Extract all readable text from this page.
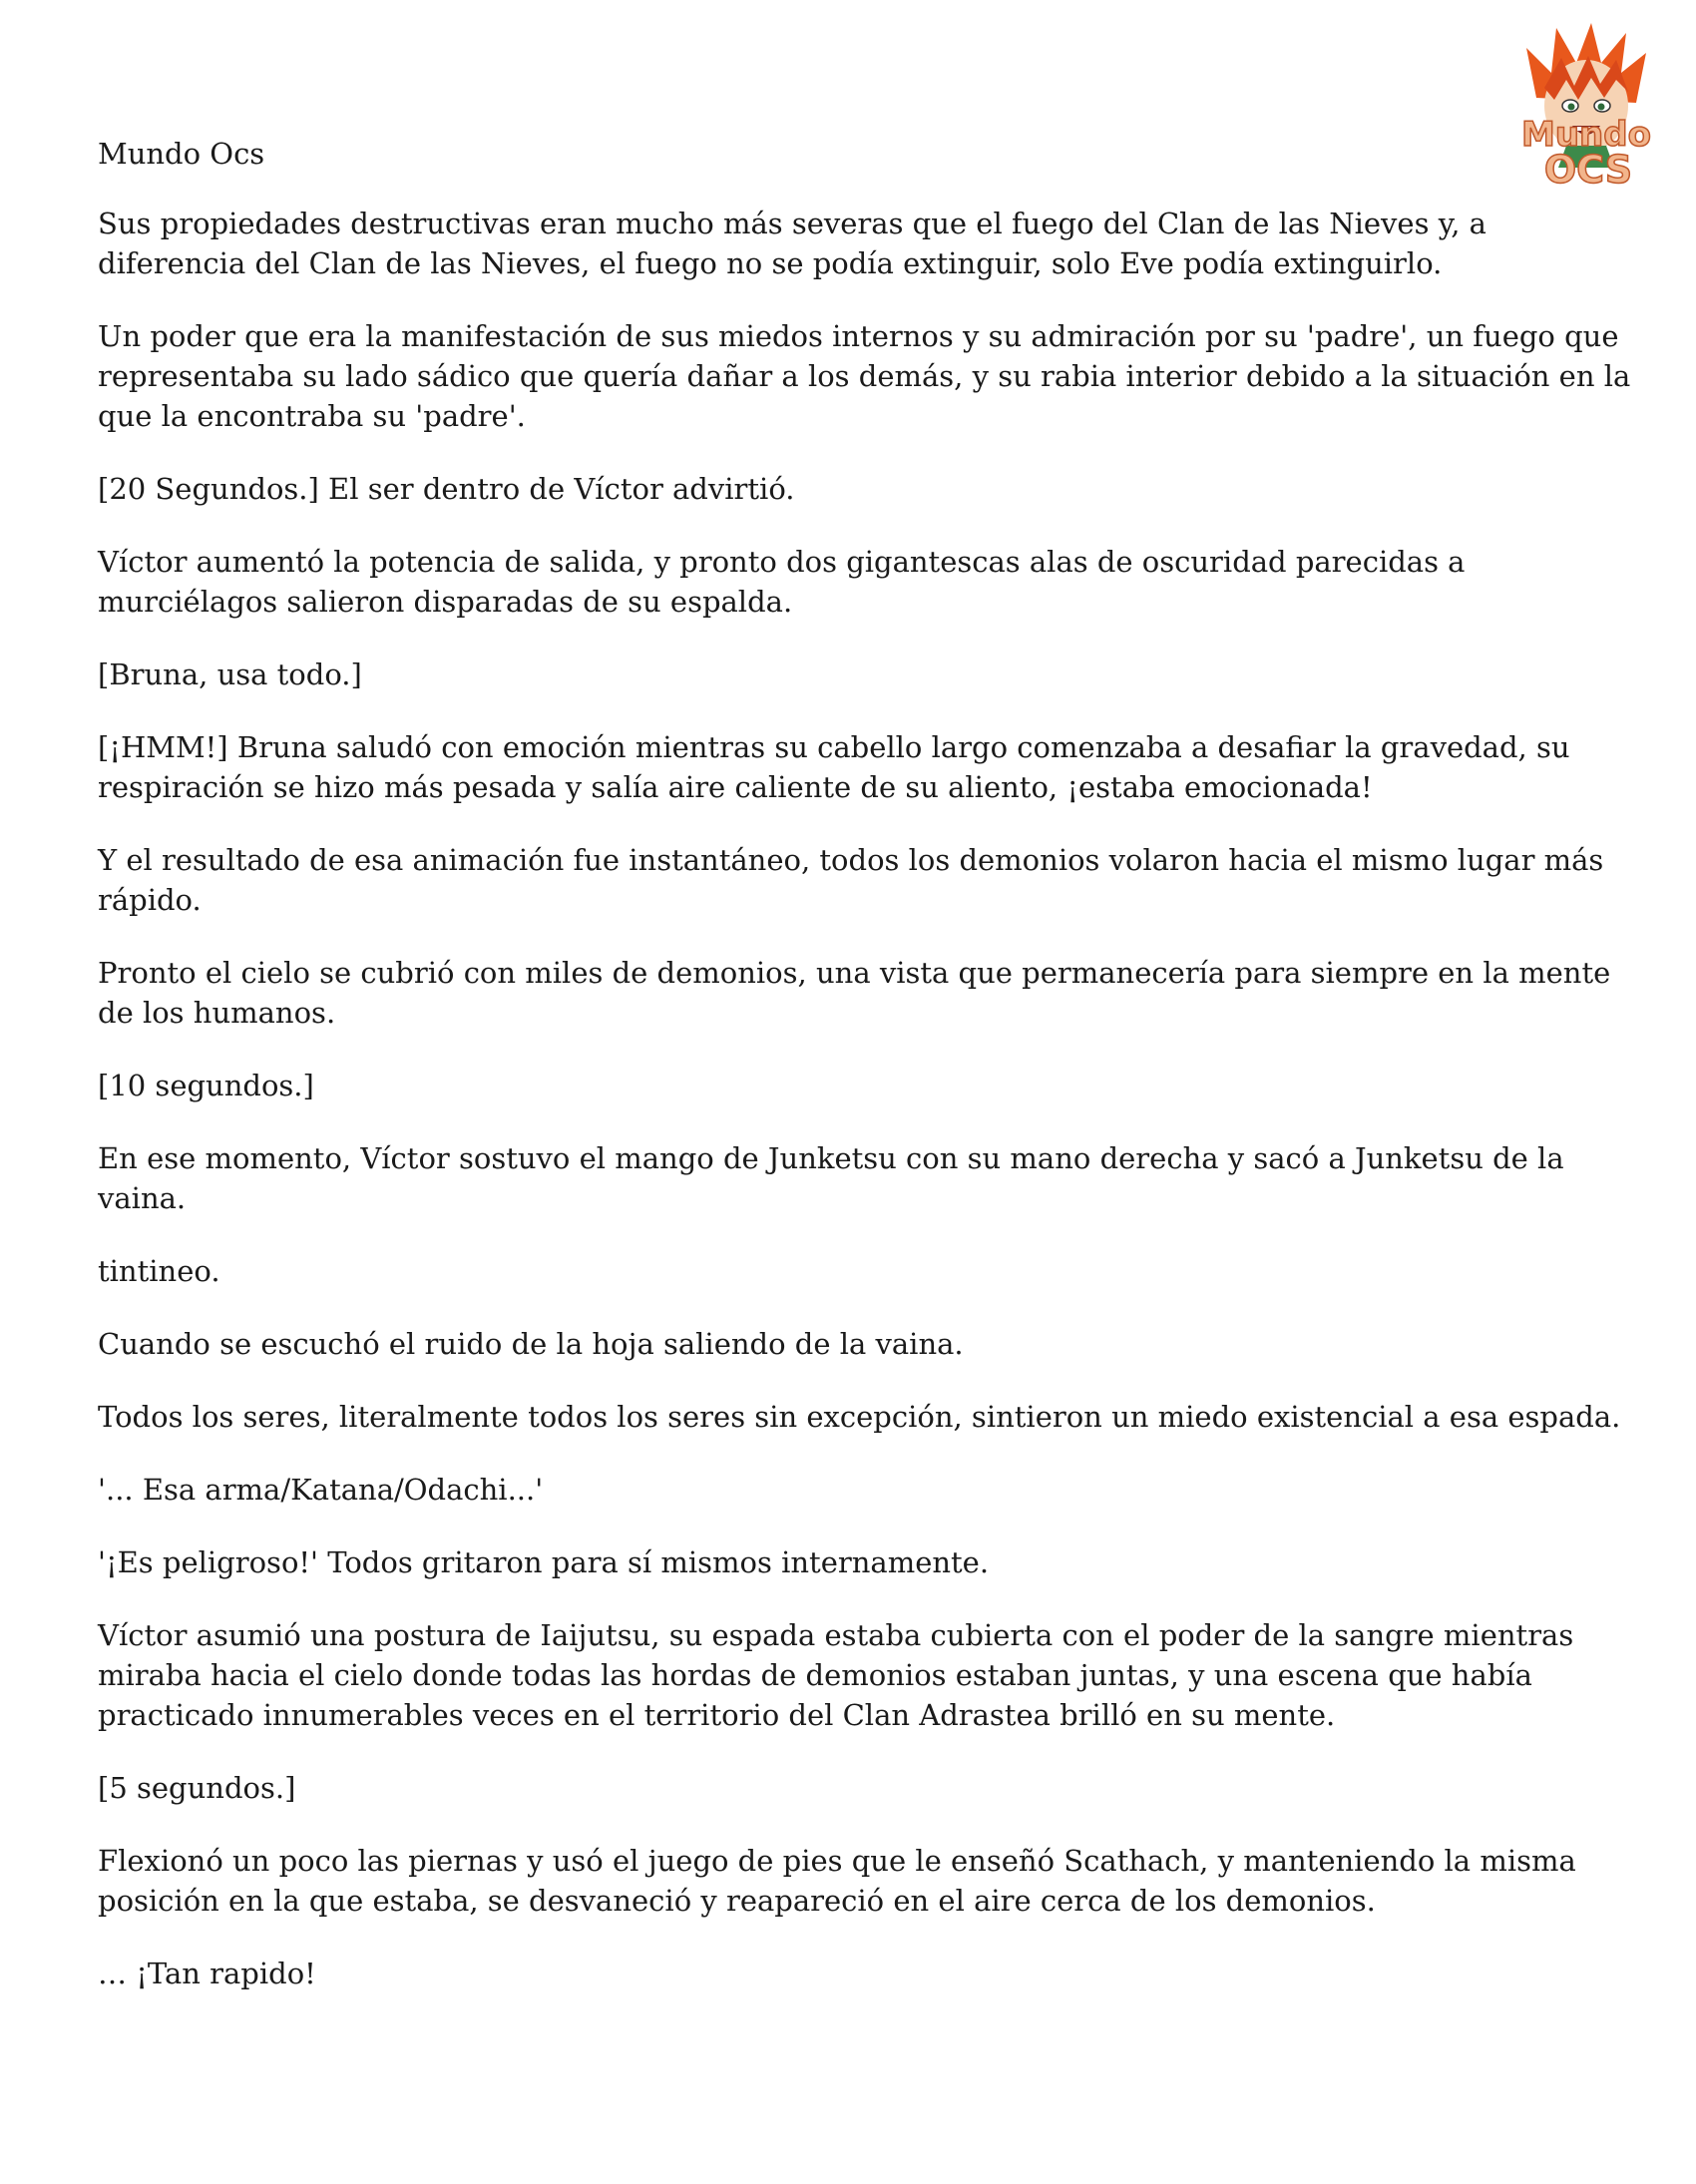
Mundo
OCS
Mundo Ocs

Sus propiedades destructivas eran mucho más severas que el fuego del Clan de las Nieves y, a diferencia del Clan de las Nieves, el fuego no se podía extinguir, solo Eve podía extinguirlo.

Un poder que era la manifestación de sus miedos internos y su admiración por su 'padre', un fuego que representaba su lado sádico que quería dañar a los demás, y su rabia interior debido a la situación en la que la encontraba su 'padre'.

[20 Segundos.] El ser dentro de Víctor advirtió.

Víctor aumentó la potencia de salida, y pronto dos gigantescas alas de oscuridad parecidas a murciélagos salieron disparadas de su espalda.

[Bruna, usa todo.]

[¡HMM!] Bruna saludó con emoción mientras su cabello largo comenzaba a desafiar la gravedad, su respiración se hizo más pesada y salía aire caliente de su aliento, ¡estaba emocionada!

Y el resultado de esa animación fue instantáneo, todos los demonios volaron hacia el mismo lugar más rápido.

Pronto el cielo se cubrió con miles de demonios, una vista que permanecería para siempre en la mente de los humanos.

[10 segundos.]

En ese momento, Víctor sostuvo el mango de Junketsu con su mano derecha y sacó a Junketsu de la vaina.

tintineo.

Cuando se escuchó el ruido de la hoja saliendo de la vaina.

Todos los seres, literalmente todos los seres sin excepción, sintieron un miedo existencial a esa espada.

'... Esa arma/Katana/Odachi...'

'¡Es peligroso!' Todos gritaron para sí mismos internamente.

Víctor asumió una postura de Iaijutsu, su espada estaba cubierta con el poder de la sangre mientras miraba hacia el cielo donde todas las hordas de demonios estaban juntas, y una escena que había practicado innumerables veces en el territorio del Clan Adrastea brilló en su mente.

[5 segundos.]

Flexionó un poco las piernas y usó el juego de pies que le enseñó Scathach, y manteniendo la misma posición en la que estaba, se desvaneció y reapareció en el aire cerca de los demonios.

… ¡Tan rapido!
